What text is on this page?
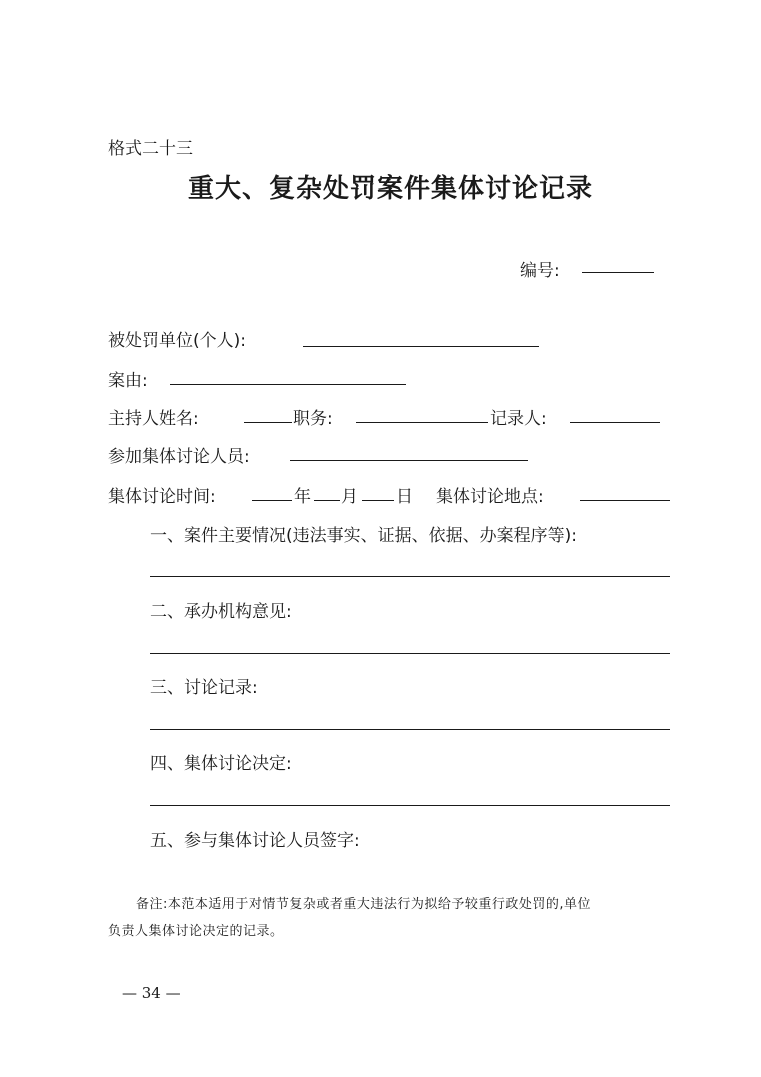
格式二十三
重大、复杂处罚案件集体讨论记录
编号:
被处罚单位(个人):
案由:
主持人姓名:	职务:	记录人:
参加集体讨论人员:
集体讨论时间:	年 月 日 集体讨论地点:
一、案件主要情况(违法事实、证据、依据、办案程序等):
二、承办机构意见:
三、讨论记录:
四、集体讨论决定:
五、参与集体讨论人员签字:
备注:本范本适用于对情节复杂或者重大违法行为拟给予较重行政处罚的,单位
负责人集体讨论决定的记录。
— 34 —
